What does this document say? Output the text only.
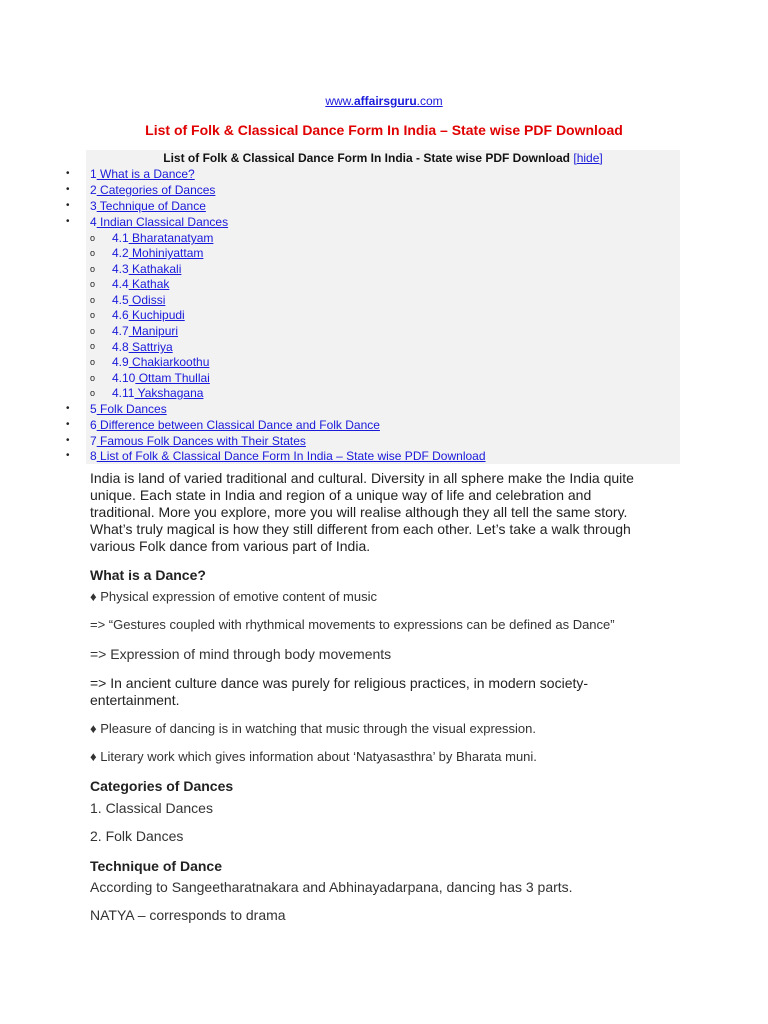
www.affairsguru.com
List of Folk & Classical Dance Form In India – State wise PDF Download
List of Folk & Classical Dance Form In India - State wise PDF Download [hide]
•
•
•
•
o
o
o
o
o
o
o
o
o
o
o
•
•
•
•
1 What is a Dance?
2 Categories of Dances
3 Technique of Dance
4 Indian Classical Dances
4.1 Bharatanatyam
4.2 Mohiniyattam
4.3 Kathakali
4.4 Kathak
4.5 Odissi
4.6 Kuchipudi
4.7 Manipuri
4.8 Sattriya
4.9 Chakiarkoothu
4.10 Ottam Thullai
4.11 Yakshagana
5 Folk Dances
6 Difference between Classical Dance and Folk Dance
7 Famous Folk Dances with Their States
8 List of Folk & Classical Dance Form In India – State wise PDF Download
India is land of varied traditional and cultural. Diversity in all sphere make the India quite
unique. Each state in India and region of a unique way of life and celebration and
traditional. More you explore, more you will realise although they all tell the same story.
What’s truly magical is how they still different from each other. Let’s take a walk through
various Folk dance from various part of India.
What is a Dance?
♦ Physical expression of emotive content of music
=> “Gestures coupled with rhythmical movements to expressions can be defined as Dance”
=> Expression of mind through body movements
=> In ancient culture dance was purely for religious practices, in modern society-
entertainment.
♦ Pleasure of dancing is in watching that music through the visual expression.
♦ Literary work which gives information about ‘Natyasasthra’ by Bharata muni.
Categories of Dances
1. Classical Dances
2. Folk Dances
Technique of Dance
According to Sangeetharatnakara and Abhinayadarpana, dancing has 3 parts.
NATYA – corresponds to drama
